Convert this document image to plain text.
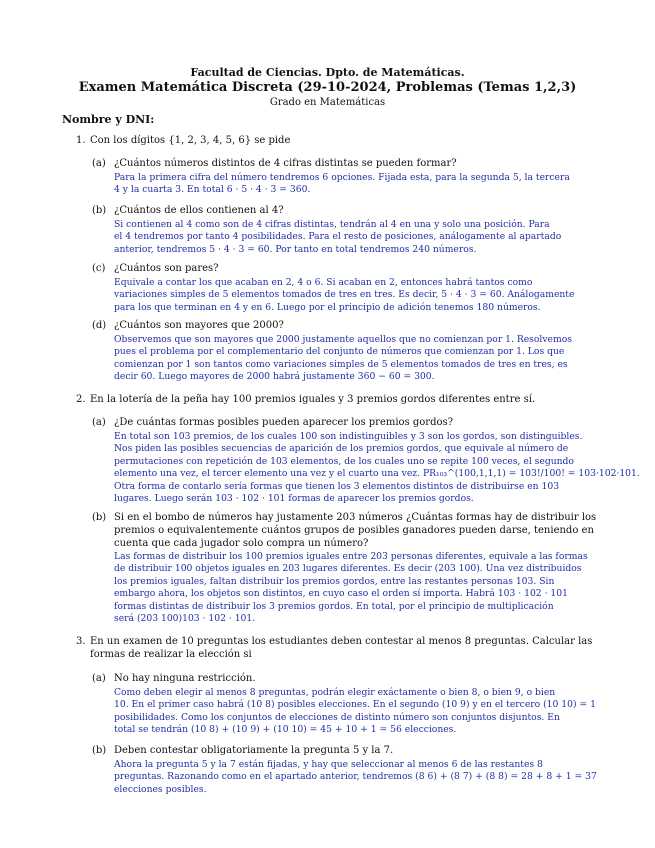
Facultad de Ciencias. Dpto. de Matemáticas.
Examen Matemática Discreta (29-10-2024, Problemas (Temas 1,2,3)
Grado en Matemáticas
Nombre y DNI:
1. Con los dígitos {1, 2, 3, 4, 5, 6} se pide
(a) ¿Cuántos números distintos de 4 cifras distintas se pueden formar?
Para la primera cifra del número tendremos 6 opciones. Fijada esta, para la segunda 5, la tercera
4 y la cuarta 3. En total 6 · 5 · 4 · 3 = 360.
(b) ¿Cuántos de ellos contienen al 4?
Si contienen al 4 como son de 4 cifras distintas, tendrán al 4 en una y solo una posición. Para
el 4 tendremos por tanto 4 posibilidades. Para el resto de posiciones, análogamente al apartado
anterior, tendremos 5 · 4 · 3 = 60. Por tanto en total tendremos 240 números.
(c) ¿Cuántos son pares?
Equivale a contar los que acaban en 2, 4 o 6. Si acaban en 2, entonces habrá tantos como
variaciones simples de 5 elementos tomados de tres en tres. Es decir, 5 · 4 · 3 = 60. Análogamente
para los que terminan en 4 y en 6. Luego por el principio de adición tenemos 180 números.
(d) ¿Cuántos son mayores que 2000?
Observemos que son mayores que 2000 justamente aquellos que no comienzan por 1. Resolvemos
pues el problema por el complementario del conjunto de números que comienzan por 1. Los que
comienzan por 1 son tantos como variaciones simples de 5 elementos tomados de tres en tres, es
decir 60. Luego mayores de 2000 habrá justamente 360 − 60 = 300.
2. En la lotería de la peña hay 100 premios iguales y 3 premios gordos diferentes entre sí.
(a) ¿De cuántas formas posibles pueden aparecer los premios gordos?
En total son 103 premios, de los cuales 100 son indistinguibles y 3 son los gordos, son distinguibles.
Nos piden las posibles secuencias de aparición de los premios gordos, que equivale al número de
permutaciones con repetición de 103 elementos, de los cuales uno se repite 100 veces, el segundo
elemento una vez, el tercer elemento una vez y el cuarto una vez. PR₁₀₃^(100,1,1,1) = 103!/100! = 103·102·101.
Otra forma de contarlo sería formas que tienen los 3 elementos distintos de distribuirse en 103
lugares. Luego serán 103 · 102 · 101 formas de aparecer los premios gordos.
(b) Si en el bombo de números hay justamente 203 números ¿Cuántas formas hay de distribuir los
premios o equivalentemente cuántos grupos de posibles ganadores pueden darse, teniendo en
cuenta que cada jugador solo compra un número?
Las formas de distribuir los 100 premios iguales entre 203 personas diferentes, equivale a las formas
de distribuir 100 objetos iguales en 203 lugares diferentes. Es decir (203 100). Una vez distribuidos
los premios iguales, faltan distribuir los premios gordos, entre las restantes personas 103. Sin
embargo ahora, los objetos son distintos, en cuyo caso el orden sí importa. Habrá 103 · 102 · 101
formas distintas de distribuir los 3 premios gordos. En total, por el principio de multiplicación
será (203 100)103 · 102 · 101.
3. En un examen de 10 preguntas los estudiantes deben contestar al menos 8 preguntas. Calcular las
formas de realizar la elección si
(a) No hay ninguna restricción.
Como deben elegir al menos 8 preguntas, podrán elegir exáctamente o bien 8, o bien 9, o bien
10. En el primer caso habrá (10 8) posibles elecciones. En el segundo (10 9) y en el tercero (10 10) = 1
posibilidades. Como los conjuntos de elecciones de distinto número son conjuntos disjuntos. En
total se tendrán (10 8) + (10 9) + (10 10) = 45 + 10 + 1 = 56 elecciones.
(b) Deben contestar obligatoriamente la pregunta 5 y la 7.
Ahora la pregunta 5 y la 7 están fijadas, y hay que seleccionar al menos 6 de las restantes 8
preguntas. Razonando como en el apartado anterior, tendremos (8 6) + (8 7) + (8 8) = 28 + 8 + 1 = 37
elecciones posibles.
